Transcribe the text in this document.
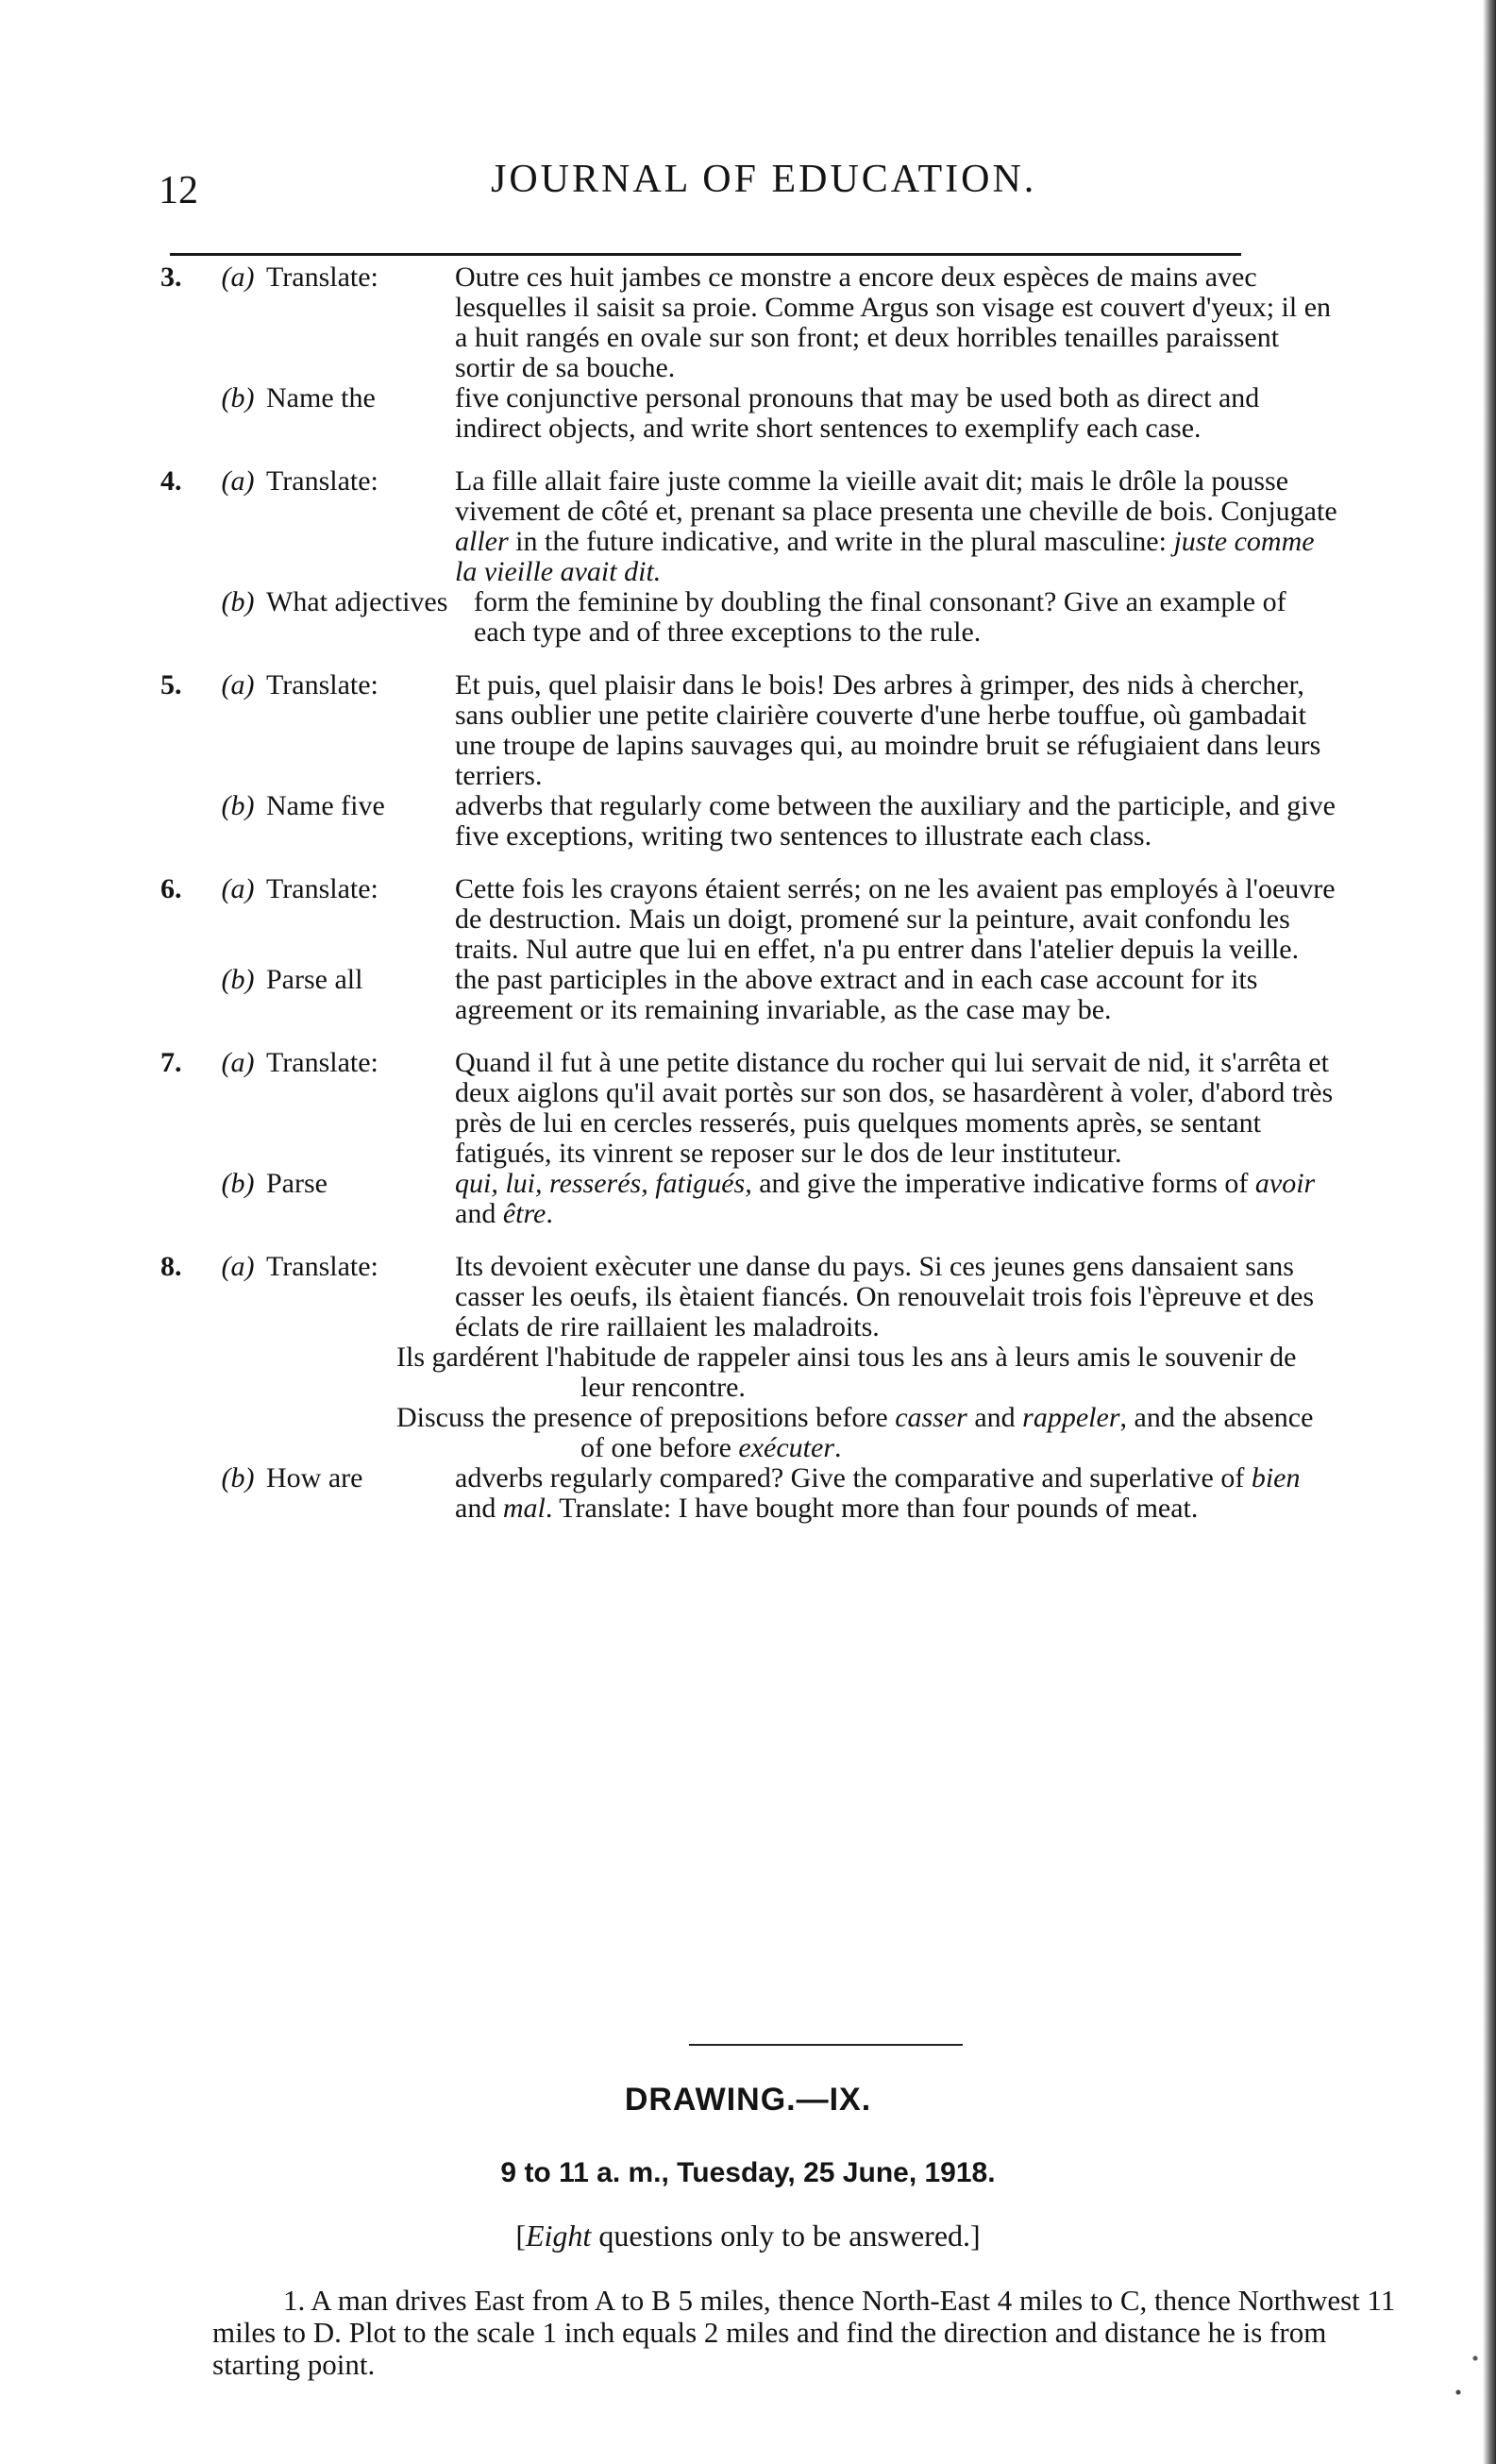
12	JOURNAL OF EDUCATION.
3.	(a) Translate:	Outre ces huit jambes ce monstre a encore deux espèces de mains avec lesquelles il saisit sa proie. Comme Argus son visage est couvert d'yeux; il en a huit rangés en ovale sur son front; et deux horribles tenailles paraissent sortir de sa bouche.
(b) Name the	five conjunctive personal pronouns that may be used both as direct and indirect objects, and write short sentences to exemplify each case.
4.	(a) Translate:	La fille allait faire juste comme la vieille avait dit; mais le drôle la pousse vivement de côté et, prenant sa place presenta une cheville de bois. Conjugate aller in the future indicative, and write in the plural masculine: juste comme la vieille avait dit.
(b) What adjectives form the feminine by doubling the final consonant? Give an example of each type and of three exceptions to the rule.
5.	(a) Translate:	Et puis, quel plaisir dans le bois! Des arbres à grimper, des nids à chercher, sans oublier une petite clairière couverte d'une herbe touffue, où gambadait une troupe de lapins sauvages qui, au moindre bruit se réfugiaient dans leurs terriers.
(b) Name five	adverbs that regularly come between the auxiliary and the participle, and give five exceptions, writing two sentences to illustrate each class.
6.	(a) Translate:	Cette fois les crayons étaient serrés; on ne les avaient pas employés à l'oeuvre de destruction. Mais un doigt, promené sur la peinture, avait confondu les traits. Nul autre que lui en effet, n'a pu entrer dans l'atelier depuis la veille.
(b) Parse all	the past participles in the above extract and in each case account for its agreement or its remaining invariable, as the case may be.
7.	(a) Translate:	Quand il fut à une petite distance du rocher qui lui servait de nid, it s'arrêta et deux aiglons qu'il avait portès sur son dos, se hasardèrent à voler, d'abord très près de lui en cercles resserés, puis quelques moments après, se sentant fatigués, its vinrent se reposer sur le dos de leur instituteur.
(b) Parse	qui, lui, resserés, fatigués, and give the imperative indicative forms of avoir and être.
8.	(a) Translate:	Its devoient exècuter une danse du pays. Si ces jeunes gens dansaient sans casser les oeufs, ils ètaient fiancés. On renouvelait trois fois l'èpreuve et des éclats de rire raillaient les maladroits.
Ils gardérent l'habitude de rappeler ainsi tous les ans à leurs amis le souvenir de leur rencontre.
Discuss the presence of prepositions before casser and rappeler, and the absence of one before exécuter.
(b) How are	adverbs regularly compared? Give the comparative and superlative of bien and mal. Translate: I have bought more than four pounds of meat.
DRAWING.—IX.
9 to 11 a. m., Tuesday, 25 June, 1918.
[Eight questions only to be answered.]
1. A man drives East from A to B 5 miles, thence North-East 4 miles to C, thence Northwest 11 miles to D. Plot to the scale 1 inch equals 2 miles and find the direction and distance he is from starting point.
